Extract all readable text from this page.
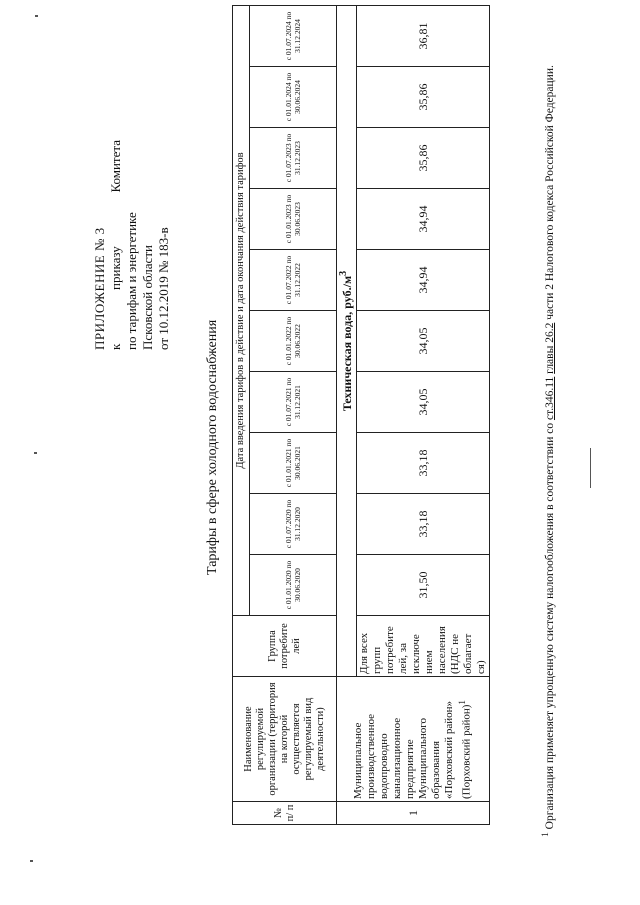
ПРИЛОЖЕНИЕ № 3 к
приказу
Комитета
по тарифам и энергетике Псковской области от 10.12.2019 № 183-в
Тарифы в сфере холодного водоснабжения
№ п/ п	Наименование регулируемой организации (территория на которой осуществляется регулируемый вид деятельности)	Группа потребите лей	Дата введения тарифов в действие и дата окончания действия тарифов									
			с 01.01.2020 по 30.06.2020	с 01.07.2020 по 31.12.2020	с 01.01.2021 по 30.06.2021	с 01.07.2021 по 31.12.2021	с 01.01.2022 по 30.06.2022	с 01.07.2022 по 31.12.2022	с 01.01.2023 по 30.06.2023	с 01.07.2023 по 31.12.2023	с 01.01.2024 по 30.06.2024	с 01.07.2024 по 31.12.2024
1	Муниципальное производственное водопроводно канализационное предприятие Муниципального образования «Порховский район» (Порховский район)$^1$	Техническая вода, $руб./м^3$
		Для всех групп потребите лей, за исключе нием населения (НДС не облагает ся)	31,50	33,18	33,18	34,05	34,05	34,94	34,94	35,86	35,86	36,81
$^1$ Организация применяет упрощенную систему налогообложения в соответствии со ст.346.11 главы 26.2 части 2 Налогового кодекса Российской Федерации.
